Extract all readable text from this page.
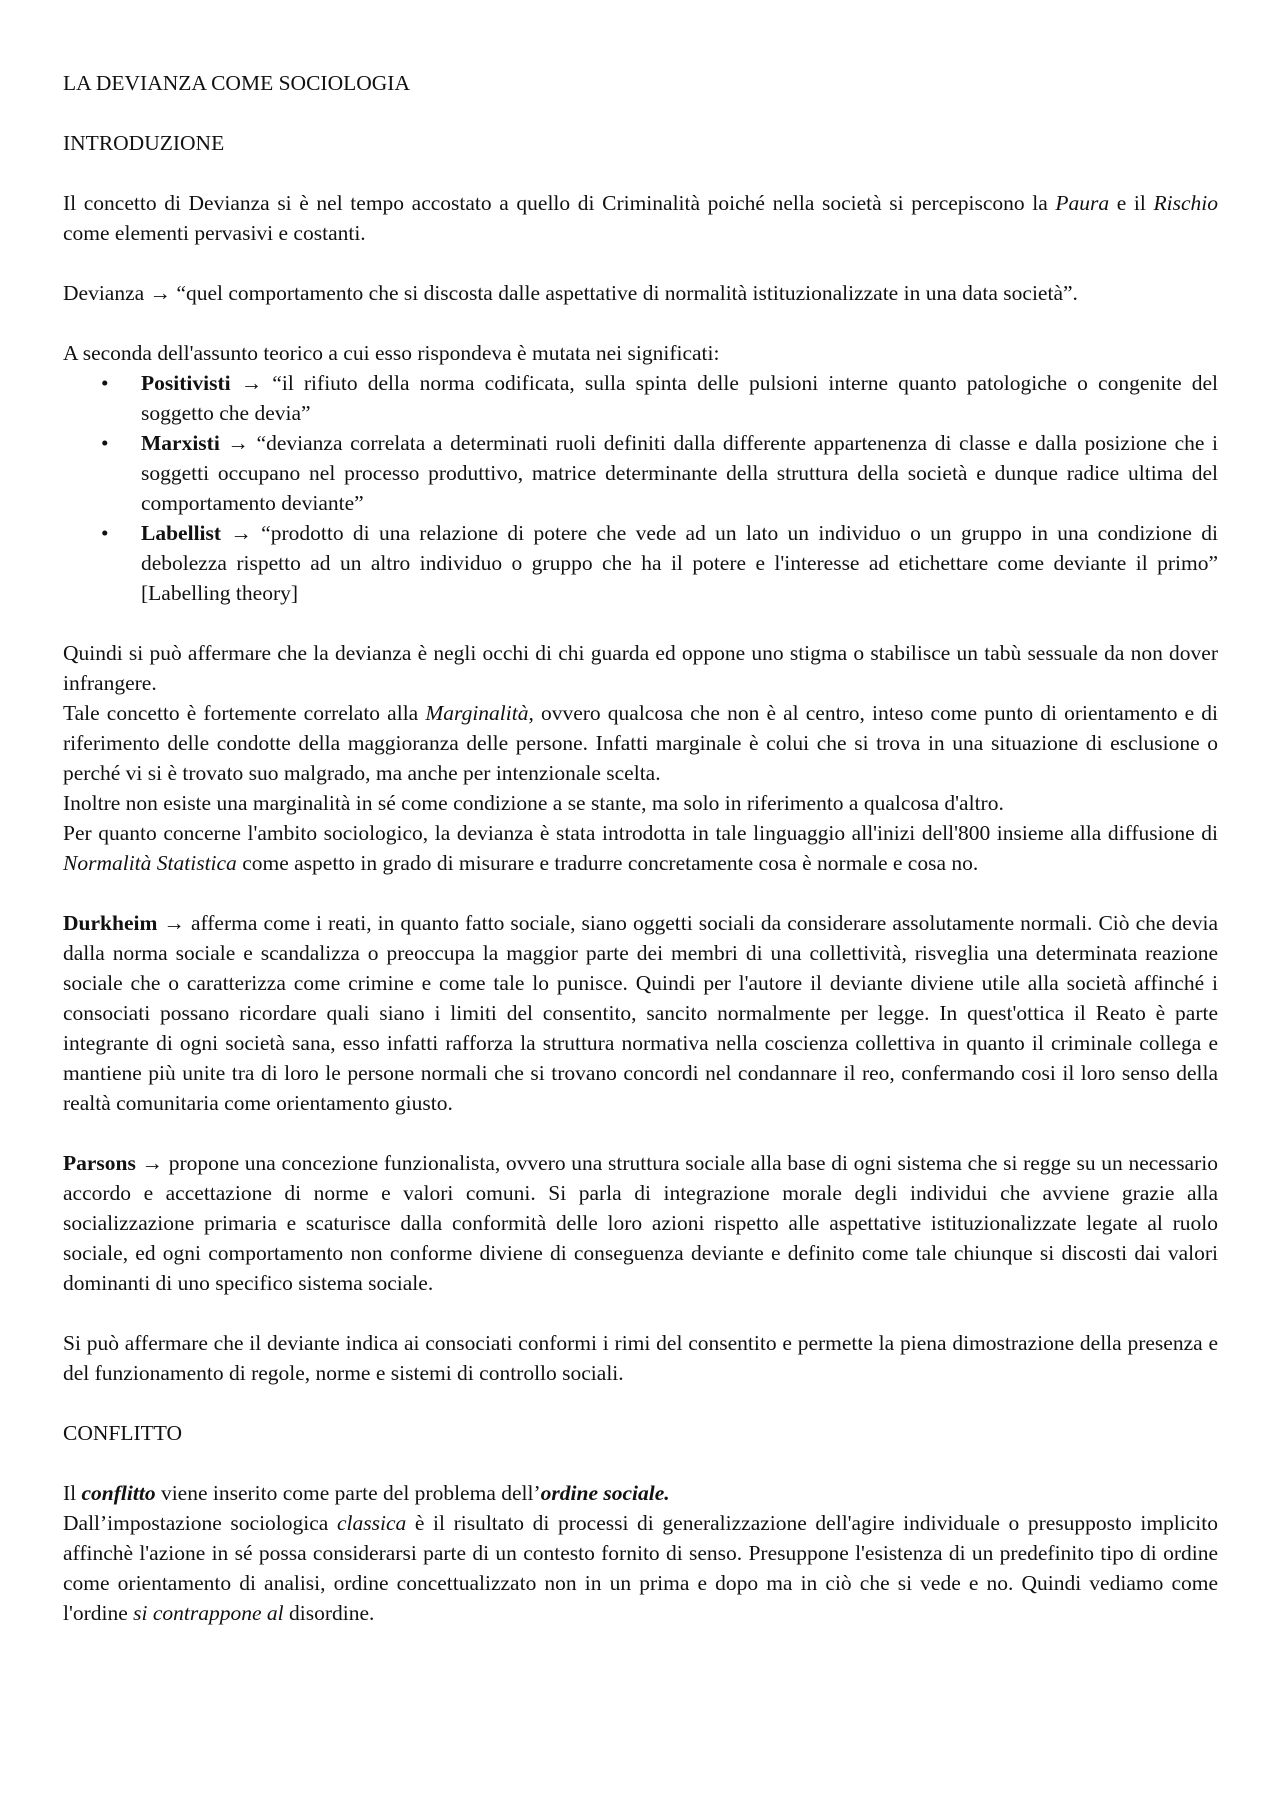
LA DEVIANZA COME SOCIOLOGIA
INTRODUZIONE

Il concetto di Devianza si è nel tempo accostato a quello di Criminalità poiché nella società si percepiscono la Paura e il Rischio come elementi pervasivi e costanti.

Devianza → “quel comportamento che si discosta dalle aspettative di normalità istituzionalizzate in una data società”.

A seconda dell'assunto teorico a cui esso rispondeva è mutata nei significati:

• Positivisti → “il rifiuto della norma codificata, sulla spinta delle pulsioni interne quanto patologiche o congenite del soggetto che devia”
• Marxisti → “devianza correlata a determinati ruoli definiti dalla differente appartenenza di classe e dalla posizione che i soggetti occupano nel processo produttivo, matrice determinante della struttura della società e dunque radice ultima del comportamento deviante”
• Labellist → “prodotto di una relazione di potere che vede ad un lato un individuo o un gruppo in una condizione di debolezza rispetto ad un altro individuo o gruppo che ha il potere e l'interesse ad etichettare come deviante il primo” [Labelling theory]

Quindi si può affermare che la devianza è negli occhi di chi guarda ed oppone uno stigma o stabilisce un tabù sessuale da non dover infrangere.

Tale concetto è fortemente correlato alla Marginalità, ovvero qualcosa che non è al centro, inteso come punto di orientamento e di riferimento delle condotte della maggioranza delle persone. Infatti marginale è colui che si trova in una situazione di esclusione o perché vi si è trovato suo malgrado, ma anche per intenzionale scelta.

Inoltre non esiste una marginalità in sé come condizione a se stante, ma solo in riferimento a qualcosa d'altro.

Per quanto concerne l'ambito sociologico, la devianza è stata introdotta in tale linguaggio all'inizi dell'800 insieme alla diffusione di Normalità Statistica come aspetto in grado di misurare e tradurre concretamente cosa è normale e cosa no.

Durkheim → afferma come i reati, in quanto fatto sociale, siano oggetti sociali da considerare assolutamente normali. Ciò che devia dalla norma sociale e scandalizza o preoccupa la maggior parte dei membri di una collettività, risveglia una determinata reazione sociale che o caratterizza come crimine e come tale lo punisce. Quindi per l'autore il deviante diviene utile alla società affinché i consociati possano ricordare quali siano i limiti del consentito, sancito normalmente per legge. In quest'ottica il Reato è parte integrante di ogni società sana, esso infatti rafforza la struttura normativa nella coscienza collettiva in quanto il criminale collega e mantiene più unite tra di loro le persone normali che si trovano concordi nel condannare il reo, confermando cosi il loro senso della realtà comunitaria come orientamento giusto.

Parsons → propone una concezione funzionalista, ovvero una struttura sociale alla base di ogni sistema che si regge su un necessario accordo e accettazione di norme e valori comuni. Si parla di integrazione morale degli individui che avviene grazie alla socializzazione primaria e scaturisce dalla conformità delle loro azioni rispetto alle aspettative istituzionalizzate legate al ruolo sociale, ed ogni comportamento non conforme diviene di conseguenza deviante e definito come tale chiunque si discosti dai valori dominanti di uno specifico sistema sociale.

Si può affermare che il deviante indica ai consociati conformi i rimi del consentito e permette la piena dimostrazione della presenza e del funzionamento di regole, norme e sistemi di controllo sociali.

CONFLITTO

Il conflitto viene inserito come parte del problema dell’ordine sociale.

Dall’impostazione sociologica classica è il risultato di processi di generalizzazione dell'agire individuale o presupposto implicito affinchè l'azione in sé possa considerarsi parte di un contesto fornito di senso. Presuppone l'esistenza di un predefinito tipo di ordine come orientamento di analisi, ordine concettualizzato non in un prima e dopo ma in ciò che si vede e no. Quindi vediamo come l'ordine si contrappone al disordine.
